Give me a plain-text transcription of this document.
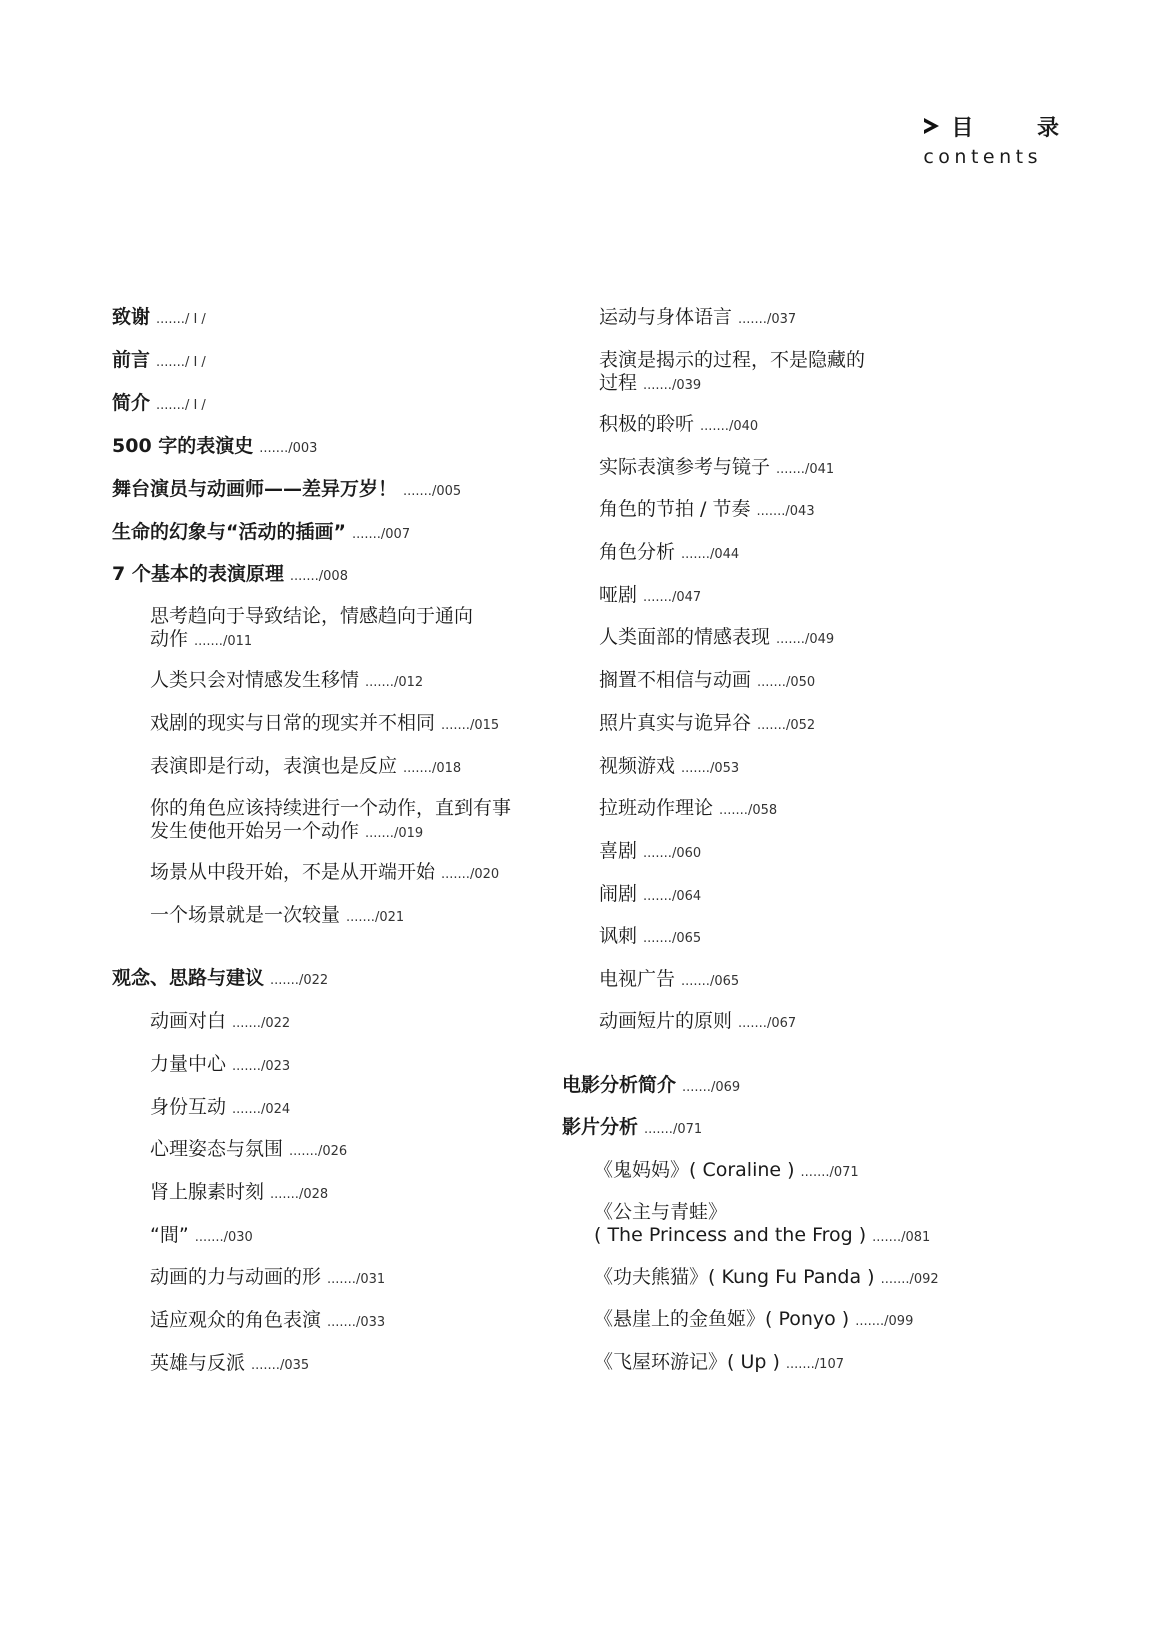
目 录
contents
致谢 ......./ Ⅰ /
前言 ......./ Ⅰ /
简介 ......./ Ⅰ /
500 字的表演史 ......./003
舞台演员与动画师——差异万岁！ ......./005
生命的幻象与“活动的插画” ......./007
7 个基本的表演原理 ......./008
思考趋向于导致结论，情感趋向于通向
动作 ......./011
人类只会对情感发生移情 ......./012
戏剧的现实与日常的现实并不相同 ......./015
表演即是行动，表演也是反应 ......./018
你的角色应该持续进行一个动作，直到有事
发生使他开始另一个动作 ......./019
场景从中段开始，不是从开端开始 ......./020
一个场景就是一次较量 ......./021
观念、思路与建议 ......./022
动画对白 ......./022
力量中心 ......./023
身份互动 ......./024
心理姿态与氛围 ......./026
肾上腺素时刻 ......./028
“間” ......./030
动画的力与动画的形 ......./031
适应观众的角色表演 ......./033
英雄与反派 ......./035
运动与身体语言 ......./037
表演是揭示的过程，不是隐藏的
过程 ......./039
积极的聆听 ......./040
实际表演参考与镜子 ......./041
角色的节拍 / 节奏 ......./043
角色分析 ......./044
哑剧 ......./047
人类面部的情感表现 ......./049
搁置不相信与动画 ......./050
照片真实与诡异谷 ......./052
视频游戏 ......./053
拉班动作理论 ......./058
喜剧 ......./060
闹剧 ......./064
讽刺 ......./065
电视广告 ......./065
动画短片的原则 ......./067
电影分析简介 ......./069
影片分析 ......./071
《鬼妈妈》( Coraline ) ......./071
《公主与青蛙》
( The Princess and the Frog ) ......./081
《功夫熊猫》( Kung Fu Panda ) ......./092
《悬崖上的金鱼姬》( Ponyo ) ......./099
《飞屋环游记》( Up ) ......./107
